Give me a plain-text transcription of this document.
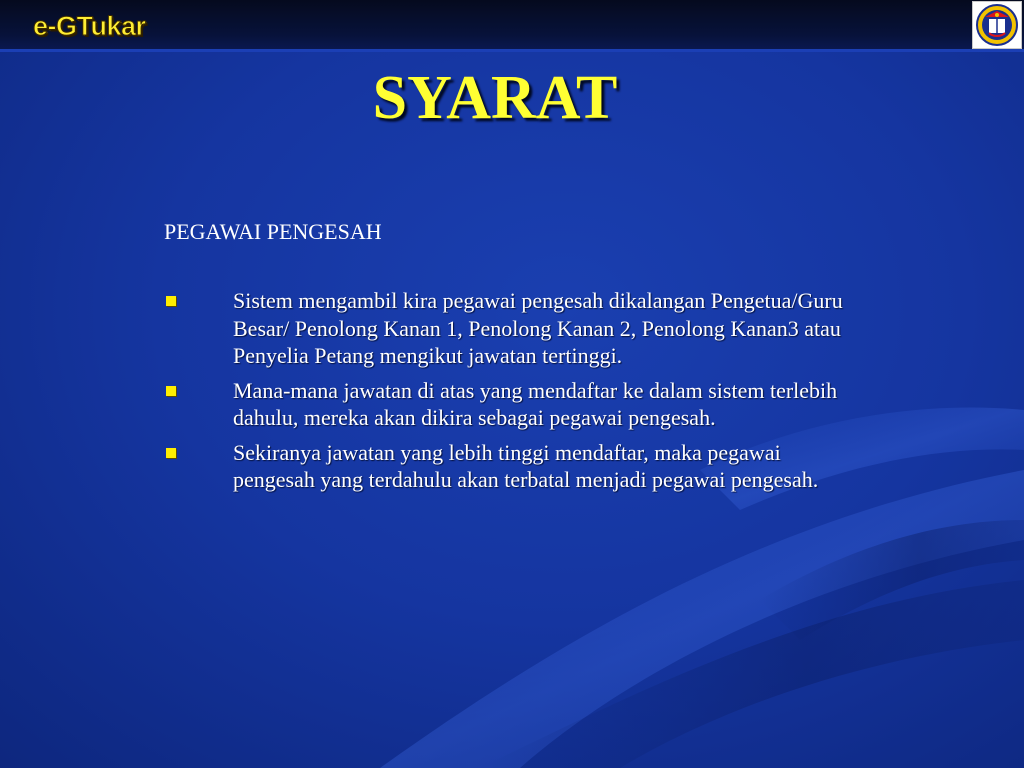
e-GTukar
SYARAT
PEGAWAI PENGESAH
Sistem mengambil kira pegawai pengesah dikalangan Pengetua/Guru Besar/ Penolong Kanan 1, Penolong Kanan 2, Penolong Kanan3 atau Penyelia Petang mengikut jawatan tertinggi.
Mana-mana jawatan di atas yang mendaftar ke dalam sistem terlebih dahulu, mereka akan dikira sebagai pegawai pengesah.
Sekiranya jawatan yang lebih tinggi mendaftar, maka pegawai pengesah yang terdahulu akan terbatal menjadi pegawai pengesah.
